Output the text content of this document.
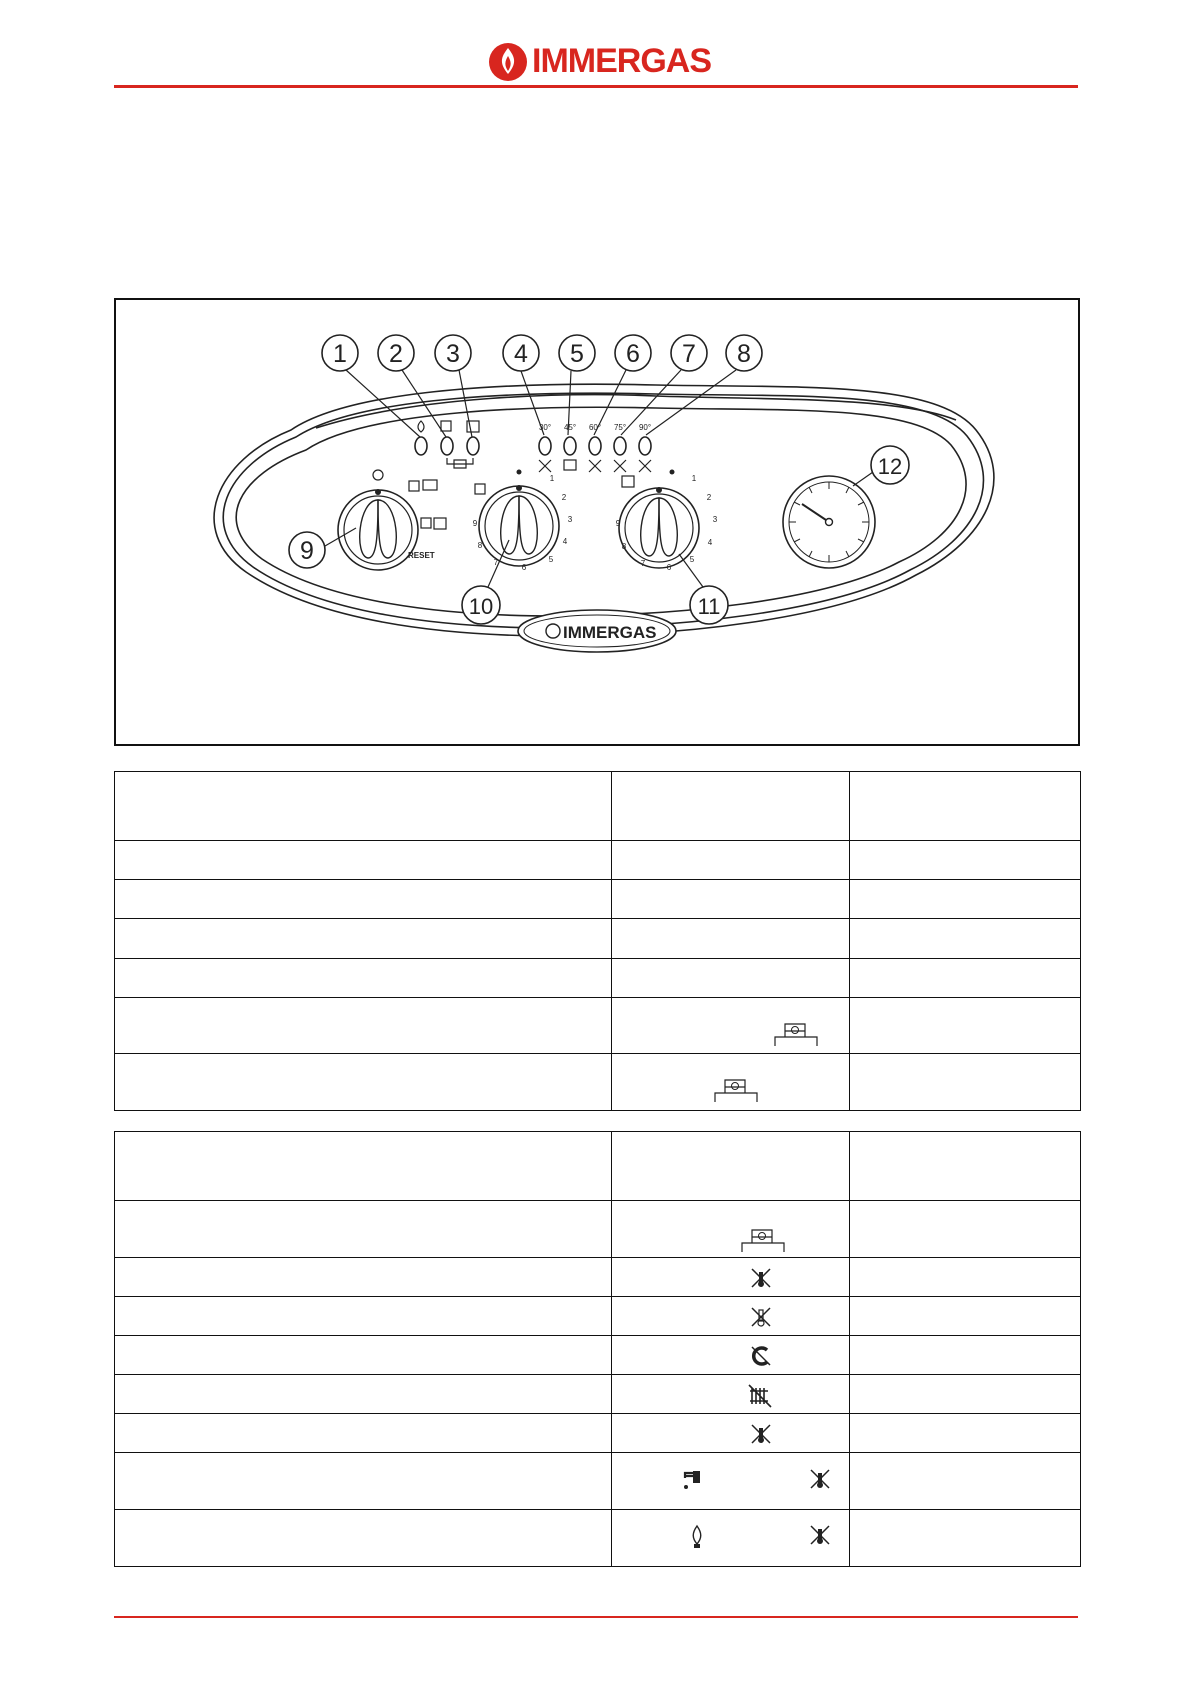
IMMERGAS
1 2 3 4 5 6 7 8
30° 45° 60° 75° 90°
RESET
1
2
3
4
5
6
7
8
9
1
2
3
4
5
6
7
8
9
9
10	11
12
IMMERGAS
